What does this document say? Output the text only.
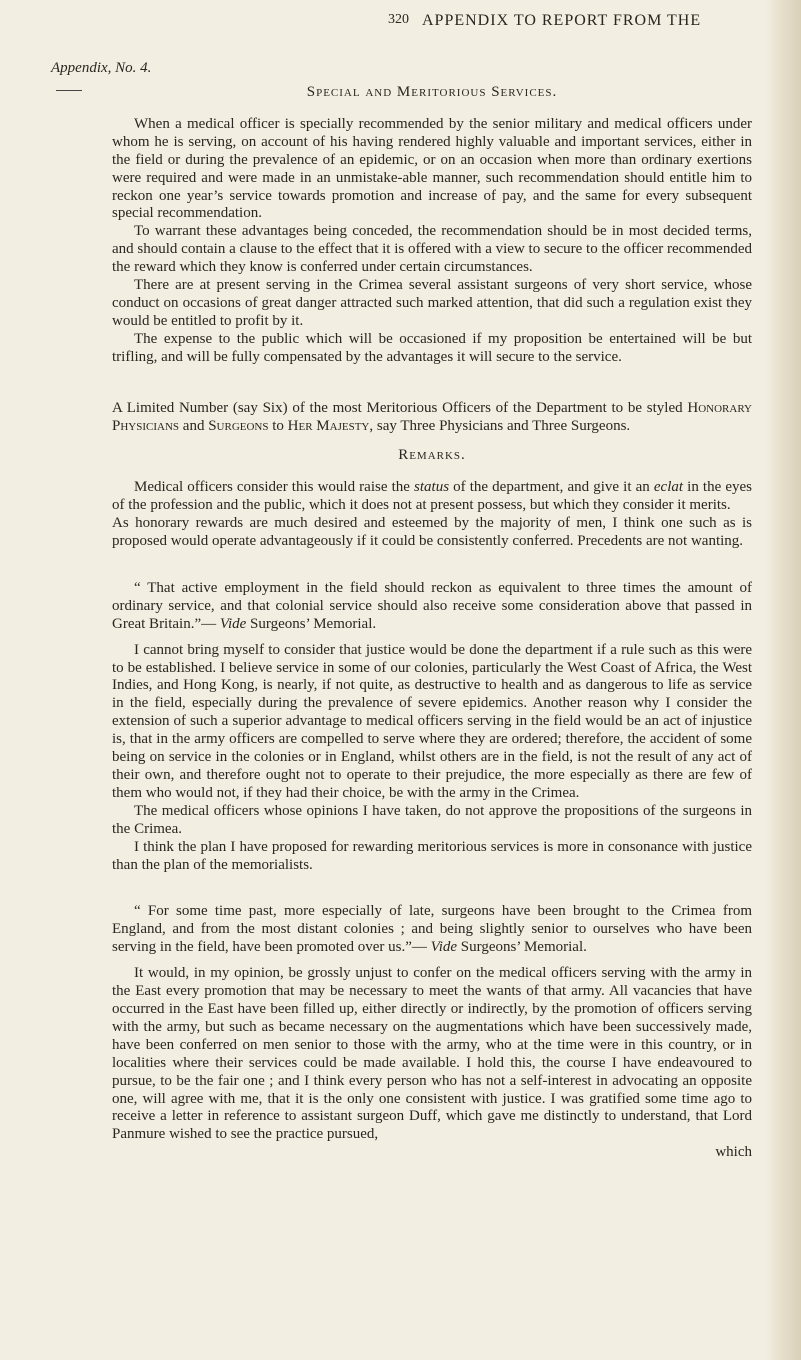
320 APPENDIX TO REPORT FROM THE
Appendix, No. 4.
Special and Meritorious Services.

When a medical officer is specially recommended by the senior military and medical officers under whom he is serving, on account of his having rendered highly valuable and important services, either in the field or during the prevalence of an epidemic, or on an occasion when more than ordinary exertions were required and were made in an unmistake-able manner, such recommendation should entitle him to reckon one year’s service towards promotion and increase of pay, and the same for every subsequent special recommendation.

To warrant these advantages being conceded, the recommendation should be in most decided terms, and should contain a clause to the effect that it is offered with a view to secure to the officer recommended the reward which they know is conferred under certain circumstances.

There are at present serving in the Crimea several assistant surgeons of very short service, whose conduct on occasions of great danger attracted such marked attention, that did such a regulation exist they would be entitled to profit by it.

The expense to the public which will be occasioned if my proposition be entertained will be but trifling, and will be fully compensated by the advantages it will secure to the service.

A Limited Number (say Six) of the most Meritorious Officers of the Department to be styled Honorary Physicians and Surgeons to Her Majesty, say Three Physicians and Three Surgeons.

Remarks.

Medical officers consider this would raise the status of the department, and give it an eclat in the eyes of the profession and the public, which it does not at present possess, but which they consider it merits.

As honorary rewards are much desired and esteemed by the majority of men, I think one such as is proposed would operate advantageously if it could be consistently conferred. Precedents are not wanting.

“ That active employment in the field should reckon as equivalent to three times the amount of ordinary service, and that colonial service should also receive some consideration above that passed in Great Britain.”— Vide Surgeons’ Memorial.

I cannot bring myself to consider that justice would be done the department if a rule such as this were to be established. I believe service in some of our colonies, particularly the West Coast of Africa, the West Indies, and Hong Kong, is nearly, if not quite, as destructive to health and as dangerous to life as service in the field, especially during the prevalence of severe epidemics. Another reason why I consider the extension of such a superior advantage to medical officers serving in the field would be an act of injustice is, that in the army officers are compelled to serve where they are ordered; therefore, the accident of some being on service in the colonies or in England, whilst others are in the field, is not the result of any act of their own, and therefore ought not to operate to their prejudice, the more especially as there are few of them who would not, if they had their choice, be with the army in the Crimea.

The medical officers whose opinions I have taken, do not approve the propositions of the surgeons in the Crimea.

I think the plan I have proposed for rewarding meritorious services is more in consonance with justice than the plan of the memorialists.

“ For some time past, more especially of late, surgeons have been brought to the Crimea from England, and from the most distant colonies ; and being slightly senior to ourselves who have been serving in the field, have been promoted over us.”— Vide Surgeons’ Memorial.

It would, in my opinion, be grossly unjust to confer on the medical officers serving with the army in the East every promotion that may be necessary to meet the wants of that army. All vacancies that have occurred in the East have been filled up, either directly or indirectly, by the promotion of officers serving with the army, but such as became necessary on the augmentations which have been successively made, have been conferred on men senior to those with the army, who at the time were in this country, or in localities where their services could be made available. I hold this, the course I have endeavoured to pursue, to be the fair one ; and I think every person who has not a self-interest in advocating an opposite one, will agree with me, that it is the only one consistent with justice. I was gratified some time ago to receive a letter in reference to assistant surgeon Duff, which gave me distinctly to understand, that Lord Panmure wished to see the practice pursued,

which
